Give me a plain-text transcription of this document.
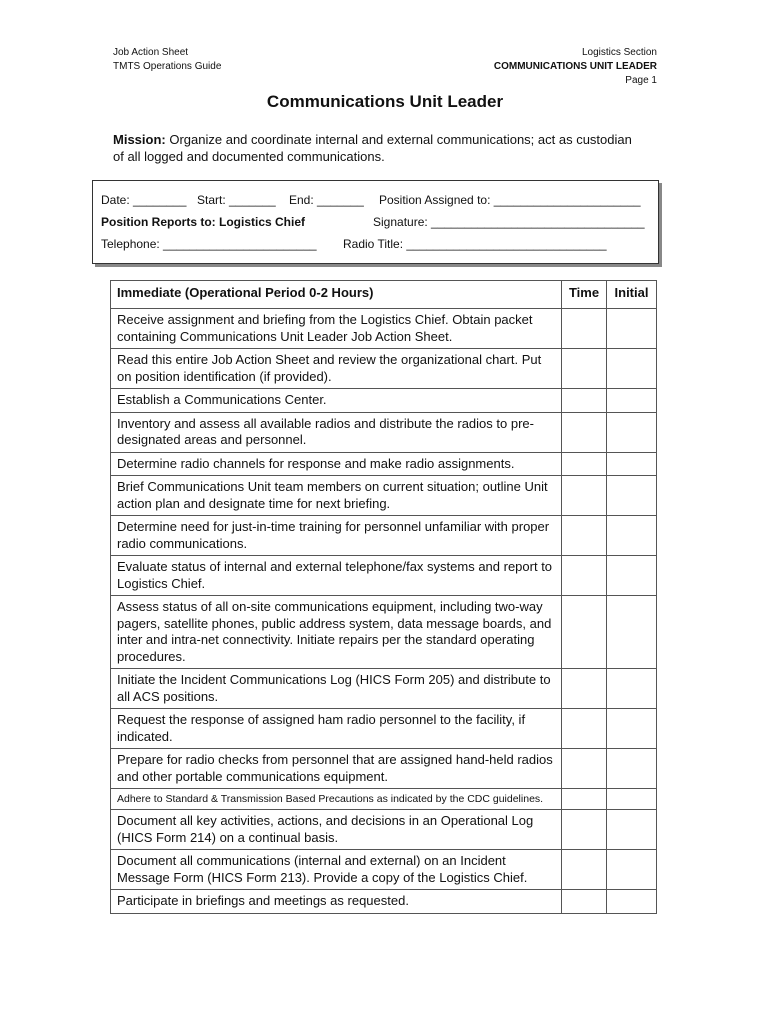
Job Action Sheet
TMTS Operations Guide
Logistics Section
COMMUNICATIONS UNIT LEADER
Page 1
Communications Unit Leader
Mission: Organize and coordinate internal and external communications; act as custodian of all logged and documented communications.
Date: ________ Start: _______ End: _______ Position Assigned to: ______________________
Position Reports to: Logistics Chief	Signature: ________________________________
Telephone: _______________________ Radio Title: ______________________________
Immediate (Operational Period 0-2 Hours)	Time	Initial
Receive assignment and briefing from the Logistics Chief. Obtain packet containing Communications Unit Leader Job Action Sheet.		
Read this entire Job Action Sheet and review the organizational chart. Put on position identification (if provided).		
Establish a Communications Center.		
Inventory and assess all available radios and distribute the radios to pre-designated areas and personnel.		
Determine radio channels for response and make radio assignments.		
Brief Communications Unit team members on current situation; outline Unit action plan and designate time for next briefing.		
Determine need for just-in-time training for personnel unfamiliar with proper radio communications.		
Evaluate status of internal and external telephone/fax systems and report to Logistics Chief.		
Assess status of all on-site communications equipment, including two-way pagers, satellite phones, public address system, data message boards, and inter and intra-net connectivity. Initiate repairs per the standard operating procedures.		
Initiate the Incident Communications Log (HICS Form 205) and distribute to all ACS positions.		
Request the response of assigned ham radio personnel to the facility, if indicated.		
Prepare for radio checks from personnel that are assigned hand-held radios and other portable communications equipment.		
Adhere to Standard & Transmission Based Precautions as indicated by the CDC guidelines.		
Document all key activities, actions, and decisions in an Operational Log (HICS Form 214) on a continual basis.		
Document all communications (internal and external) on an Incident Message Form (HICS Form 213). Provide a copy of the Logistics Chief.		
Participate in briefings and meetings as requested.		
